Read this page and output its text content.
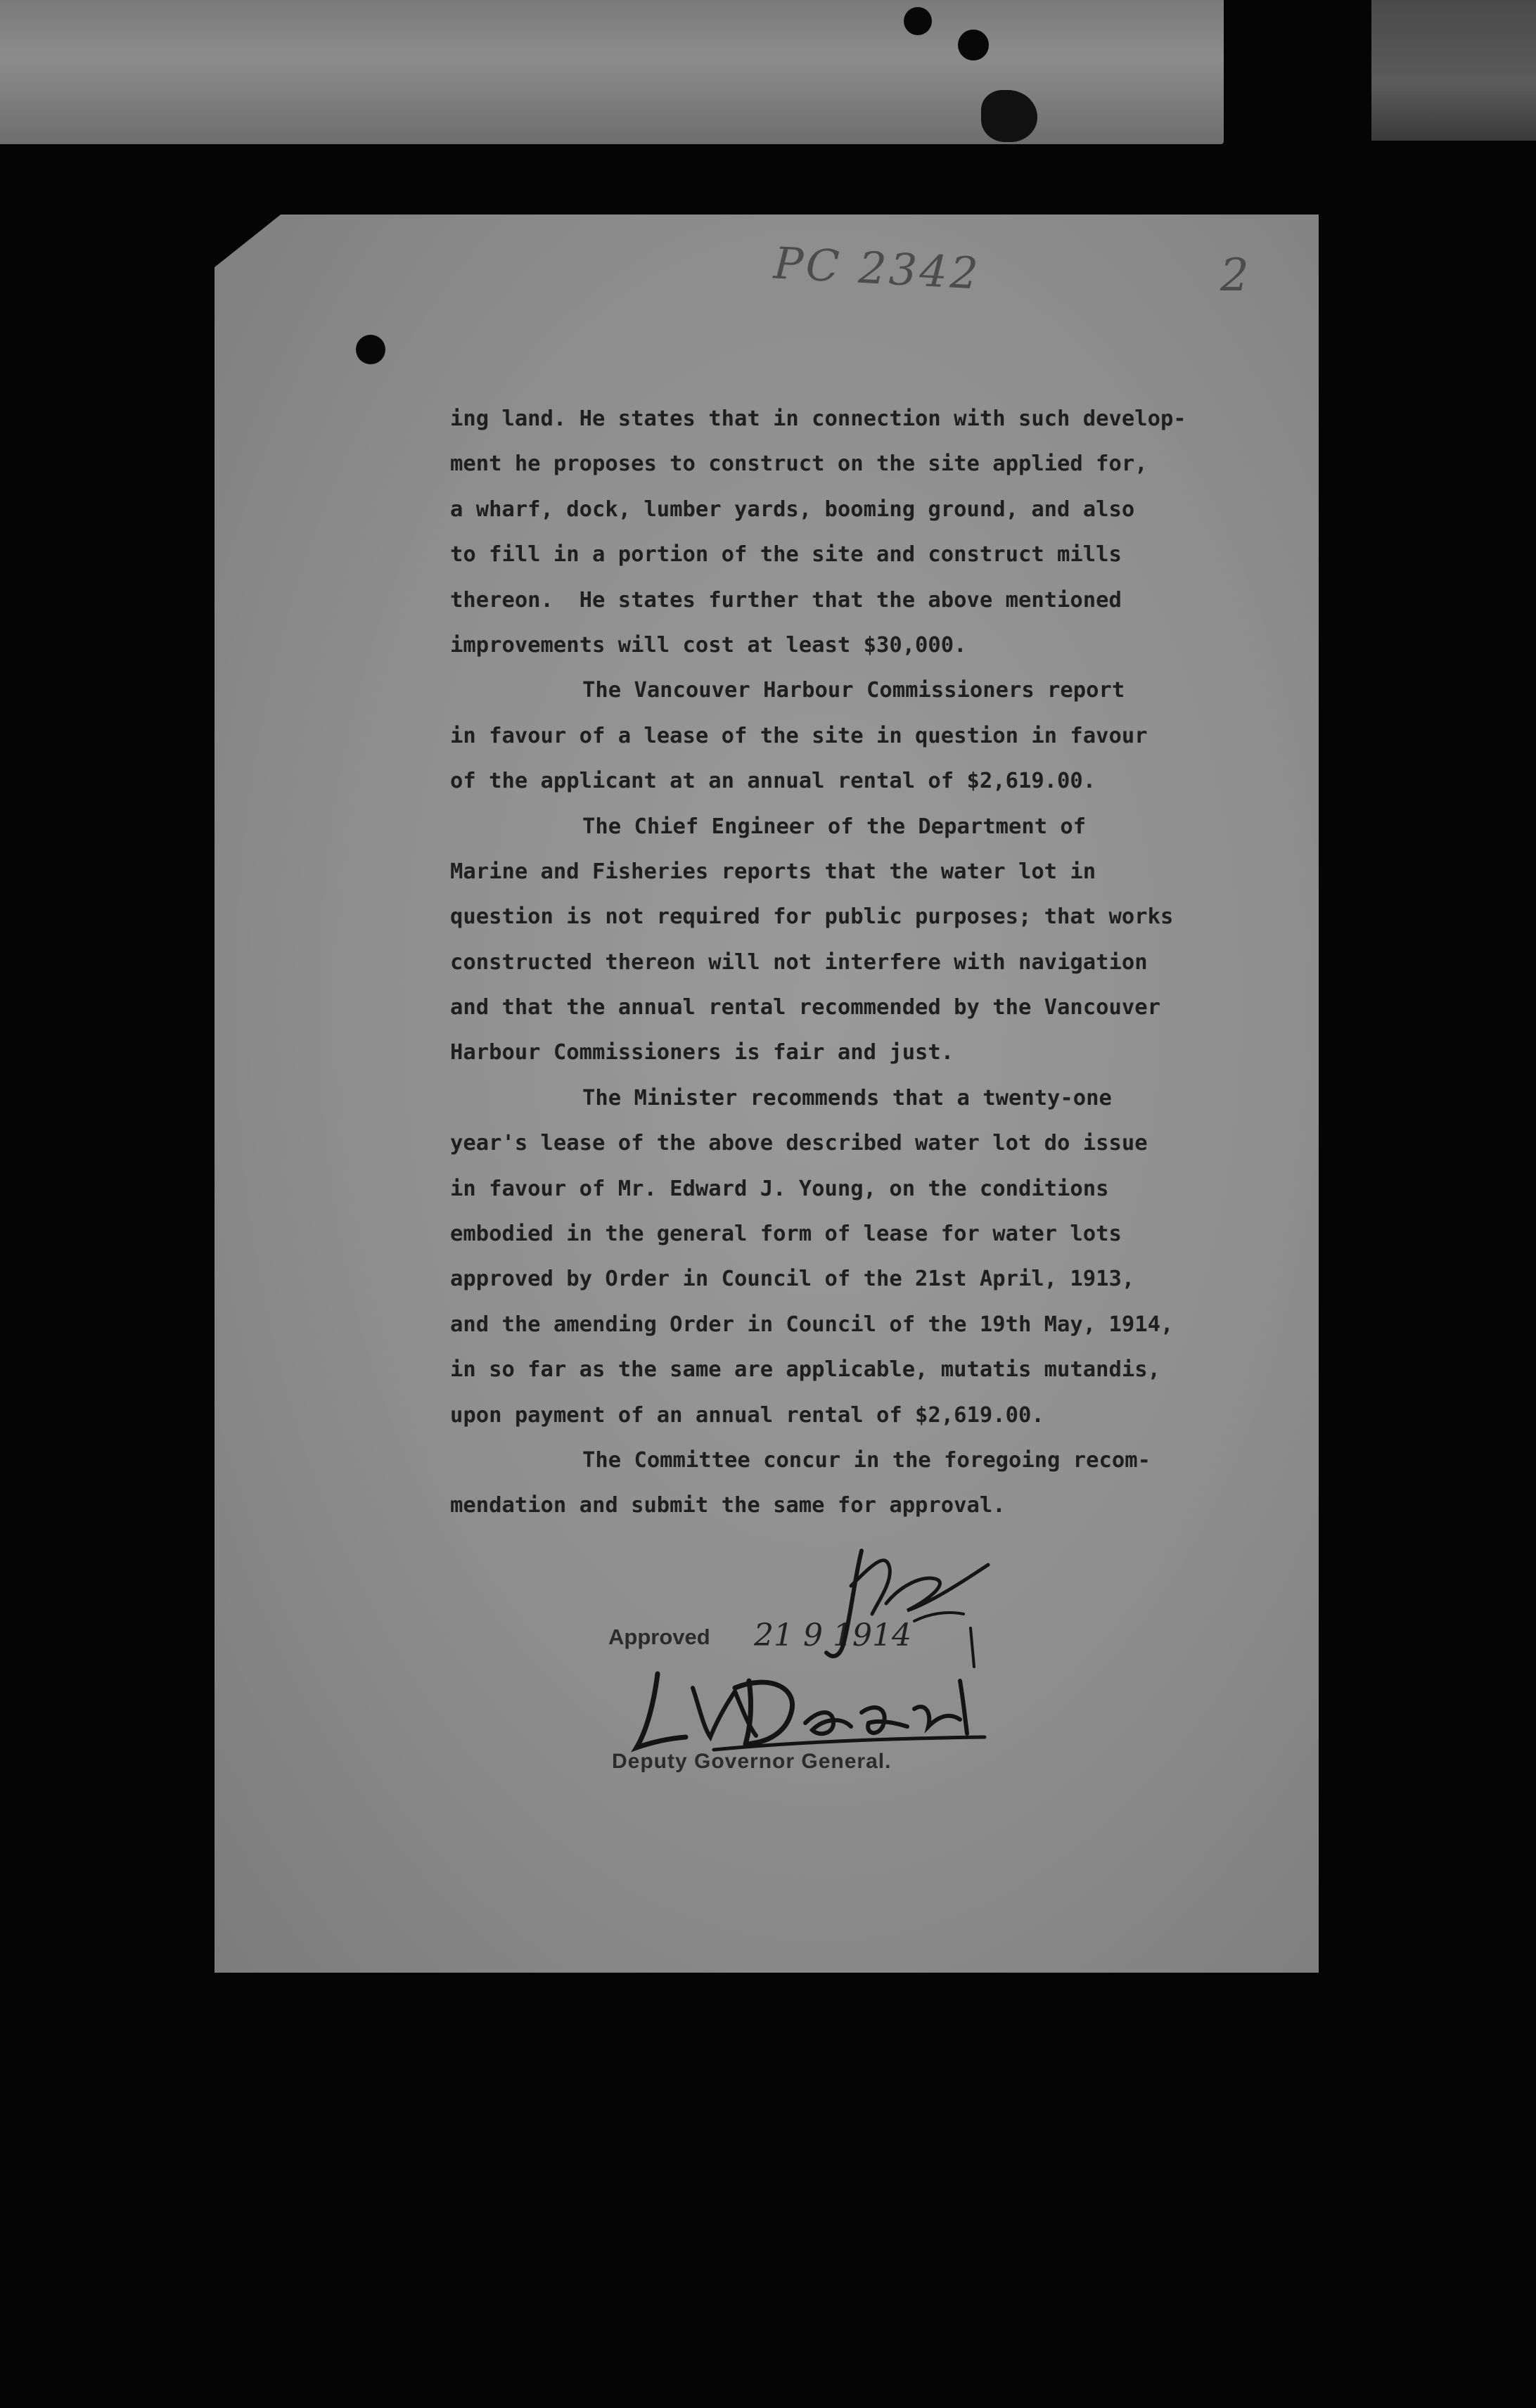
PC 2342	2
ing land. He states that in connection with such develop-
ment he proposes to construct on the site applied for,
a wharf, dock, lumber yards, booming ground, and also
to fill in a portion of the site and construct mills
thereon.  He states further that the above mentioned
improvements will cost at least $30,000.
The Vancouver Harbour Commissioners report
in favour of a lease of the site in question in favour
of the applicant at an annual rental of $2,619.00.
The Chief Engineer of the Department of
Marine and Fisheries reports that the water lot in
question is not required for public purposes; that works
constructed thereon will not interfere with navigation
and that the annual rental recommended by the Vancouver
Harbour Commissioners is fair and just.
The Minister recommends that a twenty-one
year's lease of the above described water lot do issue
in favour of Mr. Edward J. Young, on the conditions
embodied in the general form of lease for water lots
approved by Order in Council of the 21st April, 1913,
and the amending Order in Council of the 19th May, 1914,
in so far as the same are applicable, mutatis mutandis,
upon payment of an annual rental of $2,619.00.
The Committee concur in the foregoing recom-
mendation and submit the same for approval.
Approved 21 9 1914
Deputy Governor General.
